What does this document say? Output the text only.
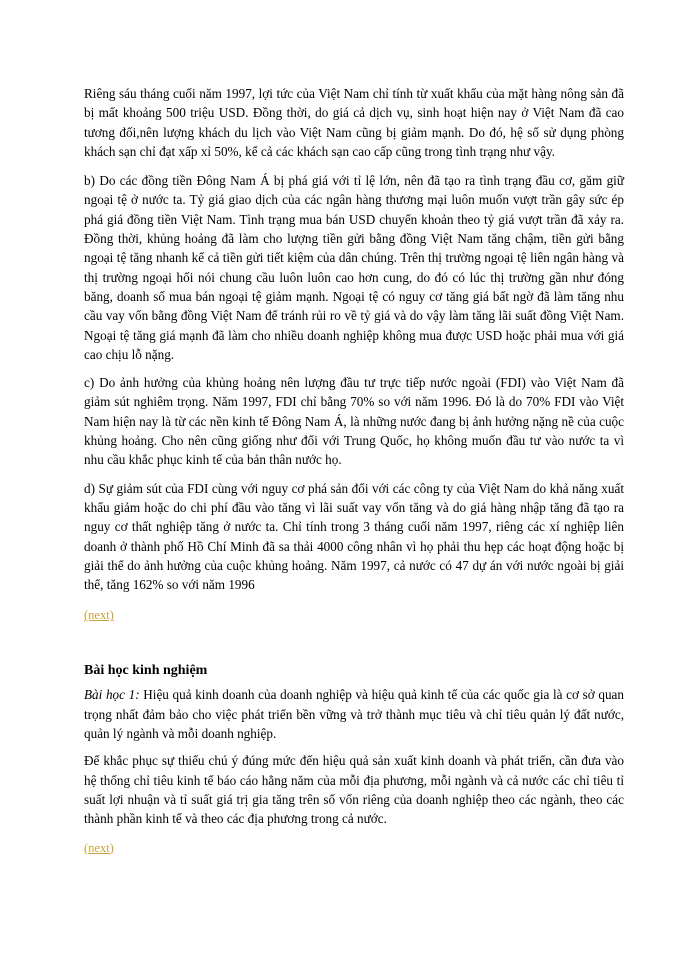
Riêng sáu tháng cuối năm 1997, lợi tức của Việt Nam chỉ tính từ xuất khẩu của mặt hàng nông sản đã bị mất khoảng 500 triệu USD. Đồng thời, do giá cả dịch vụ, sinh hoạt hiện nay ở Việt Nam đã cao tương đối,nên lượng khách du lịch vào Việt Nam cũng bị giảm mạnh. Do đó, hệ số sử dụng phòng khách sạn chỉ đạt xấp xỉ 50%, kể cả các khách sạn cao cấp cũng trong tình trạng như vậy.

b) Do các đồng tiền Đông Nam Á bị phá giá với tỉ lệ lớn, nên đã tạo ra tình trạng đầu cơ, găm giữ ngoại tệ ở nước ta. Tỷ giá giao dịch của các ngân hàng thương mại luôn muốn vượt trần gây sức ép phá giá đồng tiền Việt Nam. Tình trạng mua bán USD chuyển khoản theo tỷ giá vượt trần đã xảy ra. Đồng thời, khủng hoảng đã làm cho lượng tiền gửi bằng đồng Việt Nam tăng chậm, tiền gửi bằng ngoại tệ tăng nhanh kể cả tiền gửi tiết kiệm của dân chúng. Trên thị trường ngoại tệ liên ngân hàng và thị trường ngoại hối nói chung cầu luôn luôn cao hơn cung, do đó có lúc thị trường gần như đóng băng, doanh số mua bán ngoại tệ giảm mạnh. Ngoại tệ có nguy cơ tăng giá bất ngờ đã làm tăng nhu cầu vay vốn bằng đồng Việt Nam để tránh rủi ro về tỷ giá và do vậy làm tăng lãi suất đồng Việt Nam. Ngoại tệ tăng giá mạnh đã làm cho nhiều doanh nghiệp không mua được USD hoặc phải mua với giá cao chịu lỗ nặng.

c) Do ảnh hưởng của khủng hoảng nên lượng đầu tư trực tiếp nước ngoài (FDI) vào Việt Nam đã giảm sút nghiêm trọng. Năm 1997, FDI chỉ bằng 70% so với năm 1996. Đó là do 70% FDI vào Việt Nam hiện nay là từ các nền kinh tế Đông Nam Á, là những nước đang bị ảnh hưởng nặng nề của cuộc khủng hoảng. Cho nên cũng giống như đối với Trung Quốc, họ không muốn đầu tư vào nước ta vì nhu cầu khắc phục kinh tế của bản thân nước họ.

d) Sự giảm sút của FDI cùng với nguy cơ phá sản đối với các công ty của Việt Nam do khả năng xuất khẩu giảm hoặc do chi phí đầu vào tăng vì lãi suất vay vốn tăng và do giá hàng nhập tăng đã tạo ra nguy cơ thất nghiệp tăng ở nước ta. Chỉ tính trong 3 tháng cuối năm 1997, riêng các xí nghiệp liên doanh ở thành phố Hồ Chí Minh đã sa thải 4000 công nhân vì họ phải thu hẹp các hoạt động hoặc bị giải thể do ảnh hưởng của cuộc khủng hoảng. Năm 1997, cả nước có 47 dự án với nước ngoài bị giải thể, tăng 162% so với năm 1996

(next)
Bài học kinh nghiệm

Bài học 1: Hiệu quả kinh doanh của doanh nghiệp và hiệu quả kinh tế của các quốc gia là cơ sở quan trọng nhất đảm bảo cho việc phát triển bền vững và trở thành mục tiêu và chỉ tiêu quản lý đất nước, quản lý ngành và mỗi doanh nghiệp.

Để khắc phục sự thiếu chú ý đúng mức đến hiệu quả sản xuất kinh doanh và phát triển, cần đưa vào hệ thống chỉ tiêu kinh tế báo cáo hằng năm của mỗi địa phương, mỗi ngành và cả nước các chỉ tiêu tỉ suất lợi nhuận và tỉ suất giá trị gia tăng trên số vốn riêng của doanh nghiệp theo các ngành, theo các thành phần kinh tế và theo các địa phương trong cả nước.

(next)
